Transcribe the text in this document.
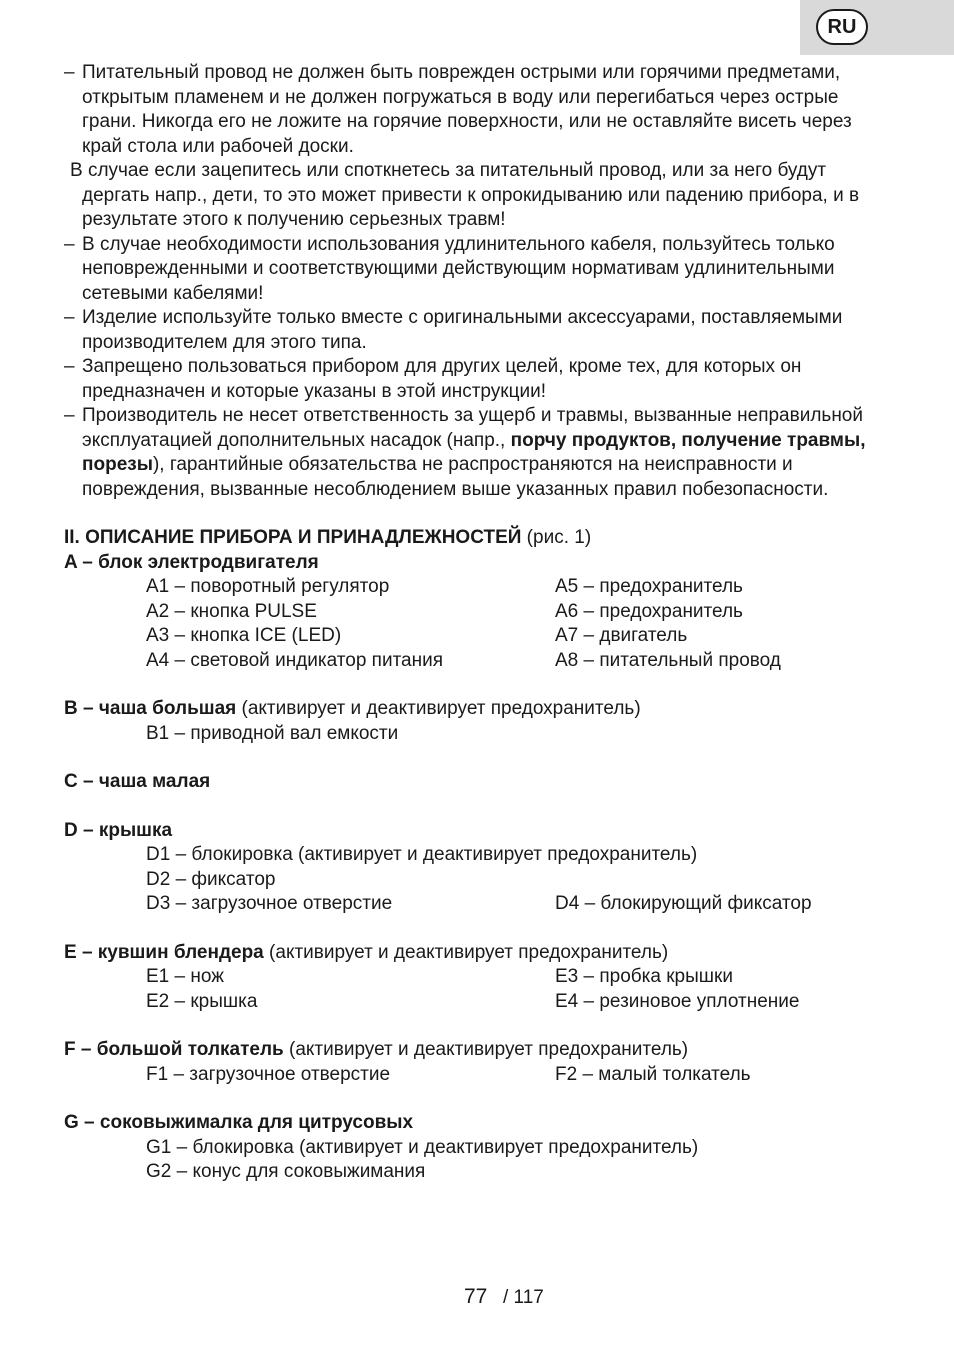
RU

– Питательный провод не должен быть поврежден острыми или горячими предметами, открытым пламенем и не должен погружаться в воду или перегибаться через острые грани. Никогда его не ложите на горячие поверхности, или не оставляйте висеть через край стола или рабочей доски.

В случае если зацепитесь или споткнетесь за питательный провод, или за него будут дергать напр., дети, то это может привести к опрокидыванию или падению прибора, и в результате этого к получению серьезных травм!

– В случае необходимости использования удлинительного кабеля, пользуйтесь только неповрежденными и соответствующими действующим нормативам удлинительными сетевыми кабелями!

– Изделие используйте только вместе с оригинальными аксессуарами, поставляемыми производителем для этого типа.

– Запрещено пользоваться прибором для других целей, кроме тех, для которых он предназначен и которые указаны в этой инструкции!

– Производитель не несет ответственность за ущерб и травмы, вызванные неправильной эксплуатацией дополнительных насадок (напр., порчу продуктов, получение травмы, порезы), гарантийные обязательства не распространяются на неисправности и повреждения, вызванные несоблюдением выше указанных правил побезопасности.

II. ОПИСАНИЕ ПРИБОРА И ПРИНАДЛЕЖНОСТЕЙ (рис. 1)
A – блок электродвигателя
A1 – поворотный регулятор	A5 – предохранитель
A2 – кнопка PULSE	A6 – предохранитель
A3 – кнопка ICE (LED)	A7 – двигатель
A4 – световой индикатор питания	A8 – питательный провод
B – чаша большая (активирует и деактивирует предохранитель)
B1 – приводной вал емкости
C – чаша малая
D – крышка
D1 – блокировка (активирует и деактивирует предохранитель)
D2 – фиксатор
D3 – загрузочное отверстие	D4 – блокирующий фиксатор
E – кувшин блендера (активирует и деактивирует предохранитель)
E1 – нож	E3 – пробка крышки
E2 – крышка	E4 – резиновое уплотнение
F – большой толкатель (активирует и деактивирует предохранитель)
F1 – загрузочное отверстие	F2 – малый толкатель
G – соковыжималка для цитрусовых
G1 – блокировка (активирует и деактивирует предохранитель)
G2 – конус для соковыжимания
77 / 117
